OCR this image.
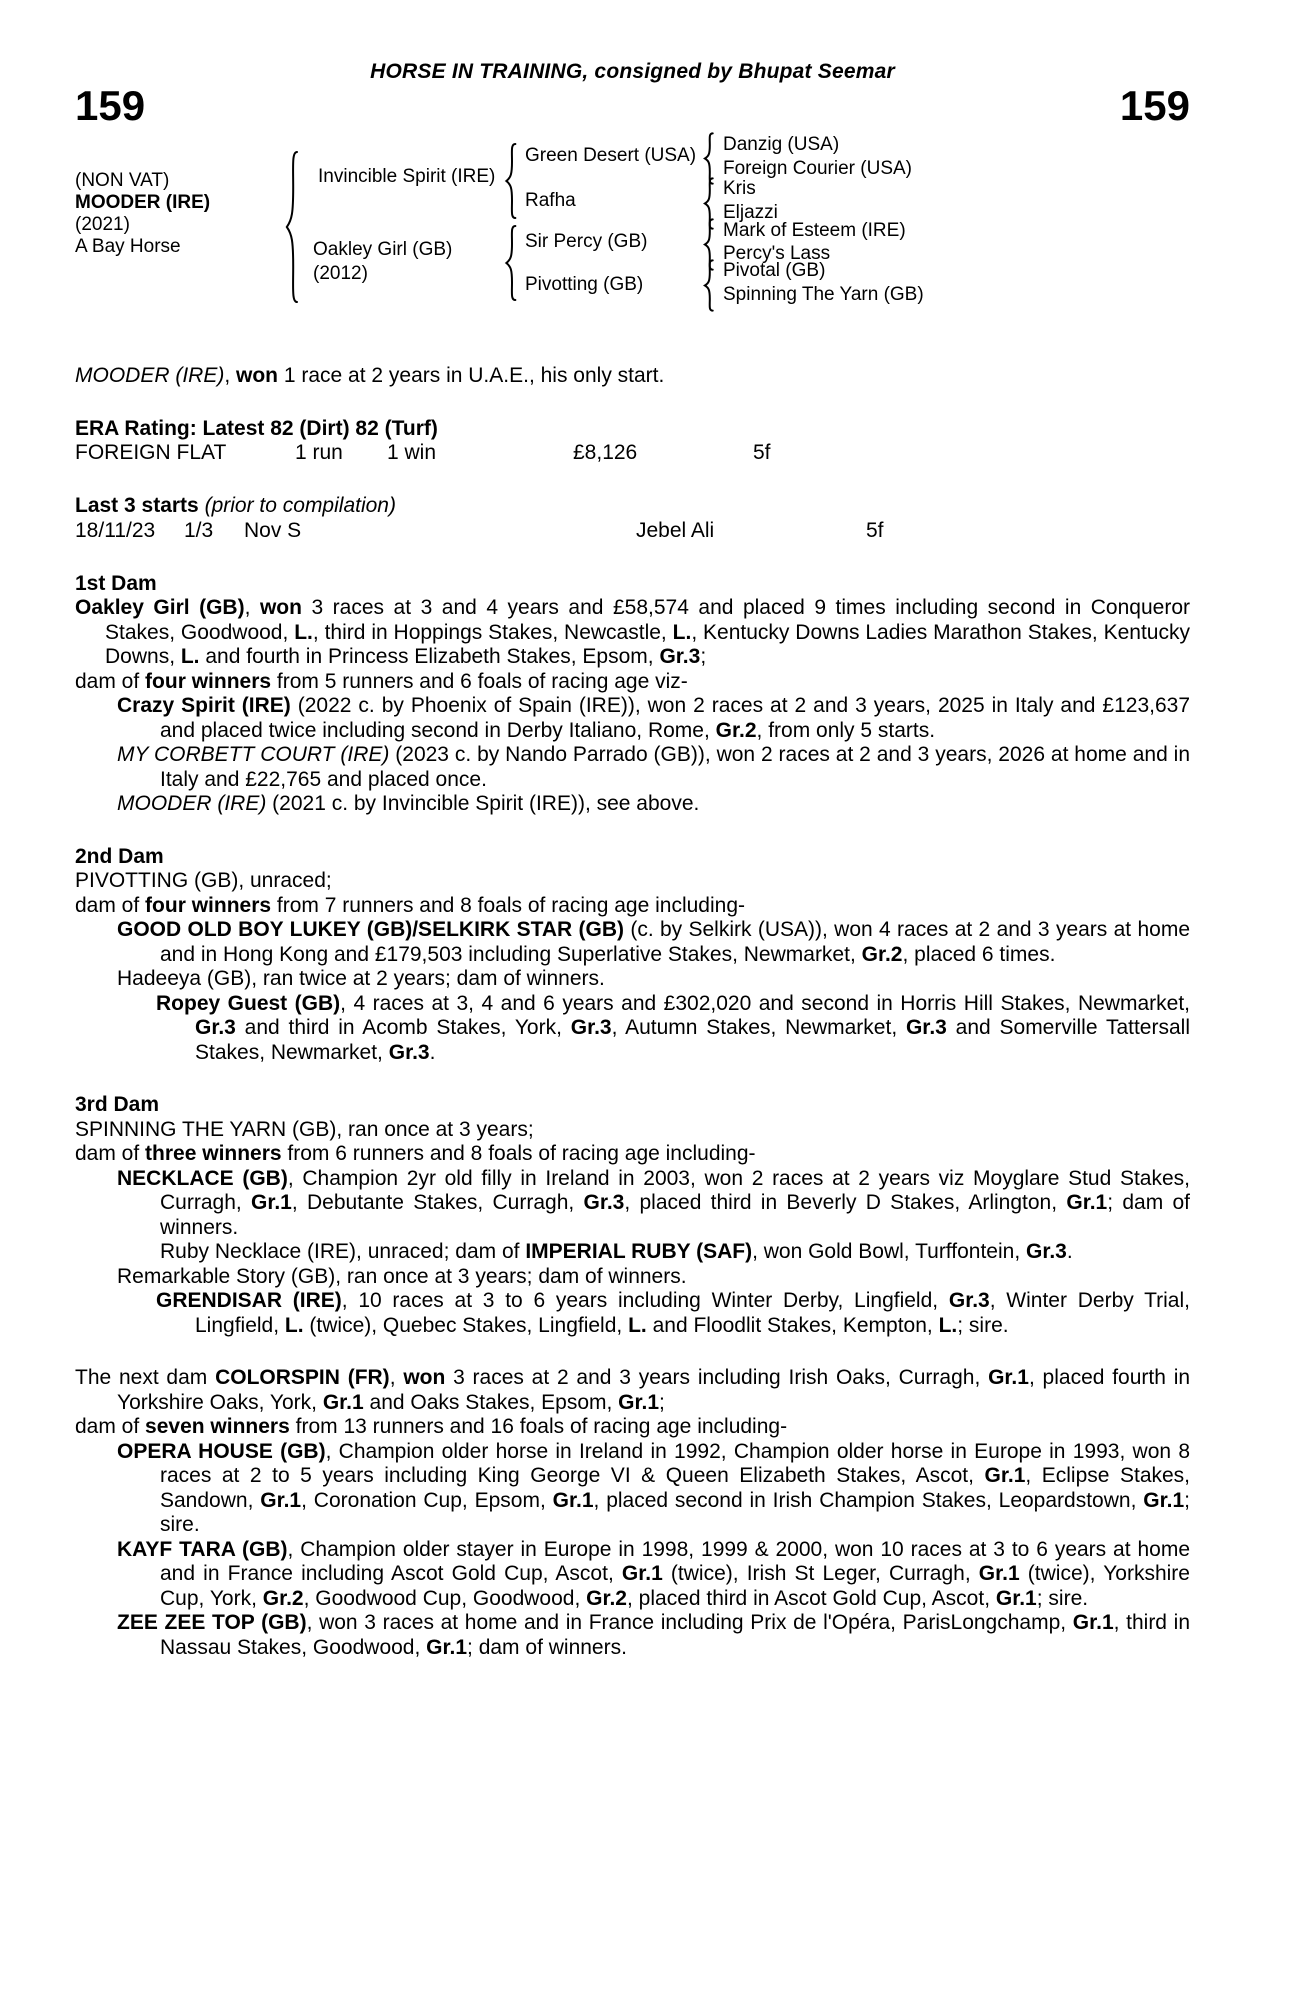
HORSE IN TRAINING, consigned by Bhupat Seemar
159	159
(NON VAT)
MOODER (IRE)
(2021)
A Bay Horse
Invincible Spirit (IRE)
Oakley Girl (GB)
(2012)
Green Desert (USA)
Rafha
Sir Percy (GB)
Pivotting (GB)
Danzig (USA)
Foreign Courier (USA)
Kris
Eljazzi
Mark of Esteem (IRE)
Percy's Lass
Pivotal (GB)
Spinning The Yarn (GB)

MOODER (IRE), won 1 race at 2 years in U.A.E., his only start.

ERA Rating: Latest 82 (Dirt) 82 (Turf)

FOREIGN FLAT	1 run 1 win	£8,126	5f

Last 3 starts (prior to compilation)

18/11/23 1/3 Nov S	Jebel Ali	5f
1st Dam

Oakley Girl (GB), won 3 races at 3 and 4 years and £58,574 and placed 9 times including second in Conqueror Stakes, Goodwood, L., third in Hoppings Stakes, Newcastle, L., Kentucky Downs Ladies Marathon Stakes, Kentucky Downs, L. and fourth in Princess Elizabeth Stakes, Epsom, Gr.3;

dam of four winners from 5 runners and 6 foals of racing age viz-

Crazy Spirit (IRE) (2022 c. by Phoenix of Spain (IRE)), won 2 races at 2 and 3 years, 2025 in Italy and £123,637 and placed twice including second in Derby Italiano, Rome, Gr.2, from only 5 starts.

MY CORBETT COURT (IRE) (2023 c. by Nando Parrado (GB)), won 2 races at 2 and 3 years, 2026 at home and in Italy and £22,765 and placed once.

MOODER (IRE) (2021 c. by Invincible Spirit (IRE)), see above.

2nd Dam

PIVOTTING (GB), unraced;

dam of four winners from 7 runners and 8 foals of racing age including-

GOOD OLD BOY LUKEY (GB)/SELKIRK STAR (GB) (c. by Selkirk (USA)), won 4 races at 2 and 3 years at home and in Hong Kong and £179,503 including Superlative Stakes, Newmarket, Gr.2, placed 6 times.

Hadeeya (GB), ran twice at 2 years; dam of winners.

Ropey Guest (GB), 4 races at 3, 4 and 6 years and £302,020 and second in Horris Hill Stakes, Newmarket, Gr.3 and third in Acomb Stakes, York, Gr.3, Autumn Stakes, Newmarket, Gr.3 and Somerville Tattersall Stakes, Newmarket, Gr.3.

3rd Dam

SPINNING THE YARN (GB), ran once at 3 years;

dam of three winners from 6 runners and 8 foals of racing age including-

NECKLACE (GB), Champion 2yr old filly in Ireland in 2003, won 2 races at 2 years viz Moyglare Stud Stakes, Curragh, Gr.1, Debutante Stakes, Curragh, Gr.3, placed third in Beverly D Stakes, Arlington, Gr.1; dam of winners.

Ruby Necklace (IRE), unraced; dam of IMPERIAL RUBY (SAF), won Gold Bowl, Turffontein, Gr.3.

Remarkable Story (GB), ran once at 3 years; dam of winners.

GRENDISAR (IRE), 10 races at 3 to 6 years including Winter Derby, Lingfield, Gr.3, Winter Derby Trial, Lingfield, L. (twice), Quebec Stakes, Lingfield, L. and Floodlit Stakes, Kempton, L.; sire.

The next dam COLORSPIN (FR), won 3 races at 2 and 3 years including Irish Oaks, Curragh, Gr.1, placed fourth in Yorkshire Oaks, York, Gr.1 and Oaks Stakes, Epsom, Gr.1;

dam of seven winners from 13 runners and 16 foals of racing age including-

OPERA HOUSE (GB), Champion older horse in Ireland in 1992, Champion older horse in Europe in 1993, won 8 races at 2 to 5 years including King George VI & Queen Elizabeth Stakes, Ascot, Gr.1, Eclipse Stakes, Sandown, Gr.1, Coronation Cup, Epsom, Gr.1, placed second in Irish Champion Stakes, Leopardstown, Gr.1; sire.

KAYF TARA (GB), Champion older stayer in Europe in 1998, 1999 & 2000, won 10 races at 3 to 6 years at home and in France including Ascot Gold Cup, Ascot, Gr.1 (twice), Irish St Leger, Curragh, Gr.1 (twice), Yorkshire Cup, York, Gr.2, Goodwood Cup, Goodwood, Gr.2, placed third in Ascot Gold Cup, Ascot, Gr.1; sire.

ZEE ZEE TOP (GB), won 3 races at home and in France including Prix de l'Opéra, ParisLongchamp, Gr.1, third in Nassau Stakes, Goodwood, Gr.1; dam of winners.
